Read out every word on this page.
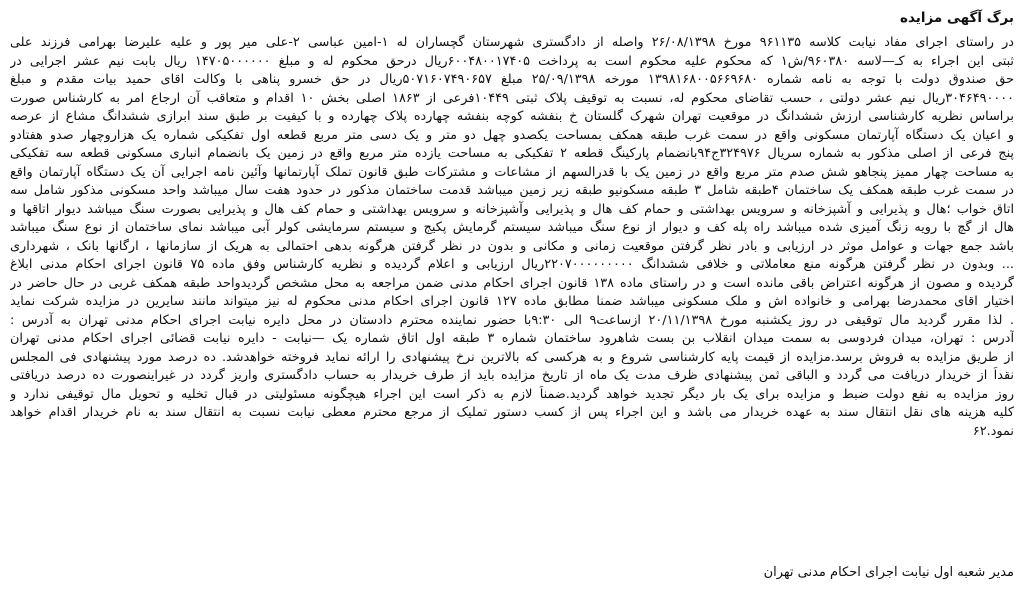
برگ آگهی مزایده
در راستای اجرای مفاد نیابت کلاسه ۹۶۱۱۳۵ مورخ ۲۶/۰۸/۱۳۹۸ واصله از دادگستری شهرستان گچساران له ۱-امین عباسی ۲-علی میر پور و علیه علیرضا بهرامی فرزند علی
ثبتی این اجراء به کـ—لاسه ۹۶۰۳۸۰/ش۱ که محکوم علیه محکوم است به پرداخت ۶۰۰۴۸۰۰۱۷۴۰۵ریال درحق محکوم له و مبلغ ۱۴۷۰۵۰۰۰۰۰۰ ریال بابت نیم عشر اجرایی در
حق صندوق دولت با توجه به نامه شماره ۱۳۹۸۱۶۸۰۰۵۶۶۹۶۸۰ مورخه ۲۵/۰۹/۱۳۹۸ مبلغ ۵۰۷۱۶۰۷۴۹۰۶۵۷ریال در حق خسرو پناهی با وکالت اقای حمید بیات مقدم و مبلغ
۳۰۴۶۴۹۰۰۰۰ریال نیم عشر دولتی ، حسب تقاضای محکوم له، نسبت به توقیف پلاک ثبتی ۱۰۴۴۹فرعی از ۱۸۶۳ اصلی بخش ۱۰ اقدام و متعاقب آن ارجاع امر به کارشناس صورت
براساس نظریه کارشناسی ارزش ششدانگ در موقعیت تهران شهرک گلستان خ بنفشه کوچه بنفشه چهارده پلاک چهارده و با کیفیت بر طبق سند ابرازی ششدانگ مشاع از عرصه
و اعیان یک دستگاه آپارتمان مسکونی واقع در سمت غرب طبقه همکف بمساحت یکصدو چهل دو متر و یک دسی متر مربع قطعه اول تفکیکی شماره یک هزاروچهار صدو هفتادو
پنج فرعی از اصلی مذکور به شماره سریال ۳۲۴۹۷۶ج۹۴بانضمام پارکینگ قطعه ۲ تفکیکی به مساحت یازده متر مربع واقع در زمین یک بانضمام انباری مسکونی قطعه سه تفکیکی
به مساحت چهار ممیز پنجاهو شش صدم متر مربع واقع در زمین یک با قدرالسهم از مشاعات و مشترکات طبق قانون تملک آپارتمانها وآئین نامه اجرایی آن یک دستگاه آپارتمان واقع
در سمت غرب طبقه همکف یک ساختمان ۴طبقه شامل ۳ طبقه مسکونیو طبقه زیر زمین میباشد قدمت ساختمان مذکور در حدود هفت سال میباشد واحد مسکونی مذکور شامل سه
اتاق خواب ؛هال و پذیرایی و آشپزخانه و سرویس بهداشتی و حمام کف هال و پذیرایی وآشپزخانه و سرویس بهداشتی و حمام کف هال و پذیرایی بصورت سنگ میباشد دیوار اتاقها و
هال از گچ با رویه زنگ آمیزی شده میباشد راه پله کف و دیوار از نوع سنگ میباشد سیستم گرمایش پکیج و سیستم سرمایشی کولر آبی میباشد نمای ساختمان از نوع سنگ میباشد
باشد جمع جهات و عوامل موثر در ارزیابی و بادر نظر گرفتن موقعیت زمانی و مکانی و بدون در نظر گرفتن هرگونه بدهی احتمالی به هریک از سازمانها ، ارگانها بانک ، شهرداری
... وبدون در نظر گرفتن هرگونه منع معاملاتی و خلافی ششدانگ ۲۲۰۷۰۰۰۰۰۰۰۰۰ریال ارزیابی و اعلام گردیده و نظریه کارشناس وفق ماده ۷۵ قانون اجرای احکام مدنی ابلاغ
گردیده و مصون از هرگونه اعتراض باقی مانده است و در راستای ماده ۱۳۸ قانون اجرای احکام مدنی ضمن مراجعه به محل مشخص گردیدواحد طبقه همکف غربی در حال حاضر در
اختیار اقای محمدرضا بهرامی و خانواده اش و ملک مسکونی میباشد ضمنا مطابق ماده ۱۲۷ قانون اجرای احکام مدنی محکوم له نیز میتواند مانند سایرین در مزایده شرکت نماید
. لذا مقرر گردید مال توقیفی در روز یکشنبه مورخ ۲۰/۱۱/۱۳۹۸ ازساعت۹ الی ۹:۳۰با حضور نماینده محترم دادستان در محل دایره نیابت اجرای احکام مدنی تهران به آدرس :
آدرس : تهران، میدان فردوسی به سمت میدان انقلاب بن بست شاهرود ساختمان شماره ۳ طبقه اول اتاق شماره یک —نیابت - دایره نیابت قضائی اجرای احکام مدنی تهران
از طریق مزایده به فروش برسد.مزایده از قیمت پایه کارشناسی شروع و به هرکسی که بالاترین نرخ پیشنهادی را ارائه نماید فروخته خواهدشد. ده درصد مورد پیشنهادی فی المجلس
نقداً از خریدار دریافت می گردد و الباقی ثمن پیشنهادی ظرف مدت یک ماه از تاریخ مزایده باید از طرف خریدار به حساب دادگستری واریز گردد در غیراینصورت ده درصد دریافتی
روز مزایده به نفع دولت ضبط و مزایده برای یک بار دیگر تجدید خواهد گردید.ضمناً لازم به ذکر است این اجراء هیچگونه مسئولیتی در قبال تخلیه و تحویل مال توقیفی ندارد و
کلیه هزینه های نقل انتقال سند به عهده خریدار می باشد و این اجراء پس از کسب دستور تملیک از مرجع محترم معطی نیابت نسبت به انتقال سند به نام خریدار اقدام خواهد
نمود.۶۲
مدیر شعبه اول نیابت اجرای احکام مدنی تهران
